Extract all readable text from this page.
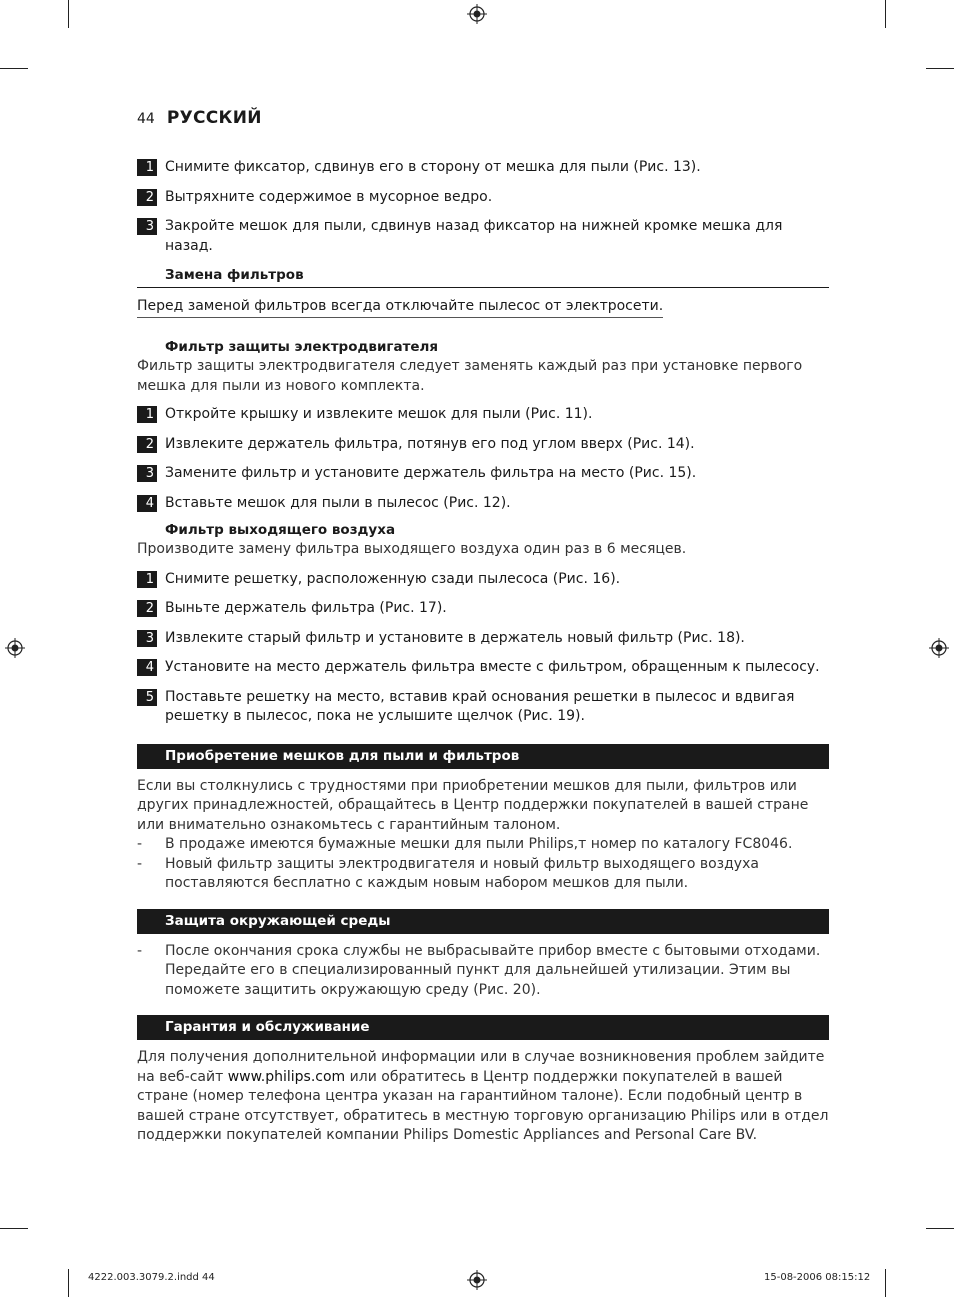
44 РУССКИЙ
1 Снимите фиксатор, сдвинув его в сторону от мешка для пыли (Рис. 13).
2 Вытряхните содержимое в мусорное ведро.
3 Закройте мешок для пыли, сдвинув назад фиксатор на нижней кромке мешка для назад.
Замена фильтров
Перед заменой фильтров всегда отключайте пылесос от электросети.
Фильтр защиты электродвигателя
Фильтр защиты электродвигателя следует заменять каждый раз при установке первого мешка для пыли из нового комплекта.
1 Откройте крышку и извлеките мешок для пыли (Рис. 11).
2 Извлеките держатель фильтра, потянув его под углом вверх (Рис. 14).
3 Замените фильтр и установите держатель фильтра на место (Рис. 15).
4 Вставьте мешок для пыли в пылесос (Рис. 12).
Фильтр выходящего воздуха
Производите замену фильтра выходящего воздуха один раз в 6 месяцев.
1 Снимите решетку, расположенную сзади пылесоса (Рис. 16).
2 Выньте держатель фильтра (Рис. 17).
3 Извлеките старый фильтр и установите в держатель новый фильтр (Рис. 18).
4 Установите на место держатель фильтра вместе с фильтром, обращенным к пылесосу.
5 Поставьте решетку на место, вставив край основания решетки в пылесос и вдвигая решетку в пылесос, пока не услышите щелчок (Рис. 19).
Приобретение мешков для пыли и фильтров
Если вы столкнулись с трудностями при приобретении мешков для пыли, фильтров или других принадлежностей, обращайтесь в Центр поддержки покупателей в вашей стране или внимательно ознакомьтесь с гарантийным талоном.
-	В продаже имеются бумажные мешки для пыли Philips,т номер по каталогу FC8046.
-	Новый фильтр защиты электродвигателя и новый фильтр выходящего воздуха поставляются бесплатно с каждым новым набором мешков для пыли.
Защита окружающей среды
-	После окончания срока службы не выбрасывайте прибор вместе с бытовыми отходами. Передайте его в специализированный пункт для дальнейшей утилизации. Этим вы поможете защитить окружающую среду (Рис. 20).
Гарантия и обслуживание
Для получения дополнительной информации или в случае возникновения проблем зайдите на веб-сайт www.philips.com или обратитесь в Центр поддержки покупателей в вашей стране (номер телефона центра указан на гарантийном талоне). Если подобный центр в вашей стране отсутствует, обратитесь в местную торговую организацию Philips или в отдел поддержки покупателей компании Philips Domestic Appliances and Personal Care BV.
4222.003.3079.2.indd 44	15-08-2006 08:15:12
